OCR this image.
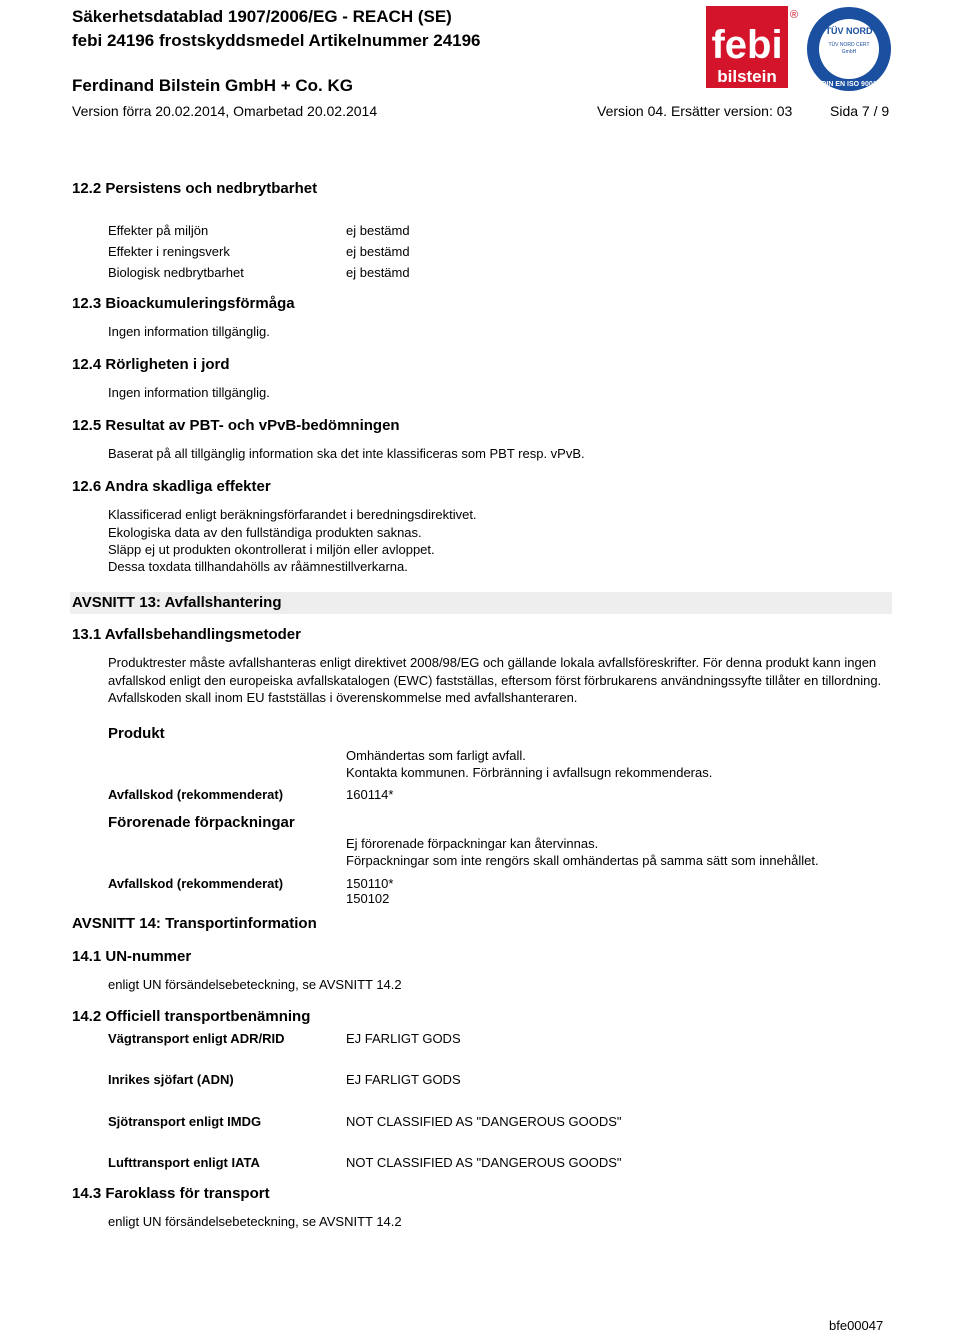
Säkerhetsdatablad 1907/2006/EG - REACH (SE)
febi 24196 frostskyddsmedel Artikelnummer 24196
Ferdinand Bilstein GmbH + Co. KG
Version förra 20.02.2014, Omarbetad 20.02.2014	Version 04. Ersätter version: 03	Sida 7 / 9
febi
bilstein
®
TÜV NORD
TÜV NORD CERT
GmbH
DIN EN ISO 9001
12.2 Persistens och nedbrytbarhet
Effekter på miljön	ej bestämd
Effekter i reningsverk	ej bestämd
Biologisk nedbrytbarhet	ej bestämd
12.3 Bioackumuleringsförmåga
Ingen information tillgänglig.
12.4 Rörligheten i jord
Ingen information tillgänglig.
12.5 Resultat av PBT- och vPvB-bedömningen
Baserat på all tillgänglig information ska det inte klassificeras som PBT resp. vPvB.
12.6 Andra skadliga effekter
Klassificerad enligt beräkningsförfarandet i beredningsdirektivet.
Ekologiska data av den fullständiga produkten saknas.
Släpp ej ut produkten okontrollerat i miljön eller avloppet.
Dessa toxdata tillhandahölls av råämnestillverkarna.
AVSNITT 13: Avfallshantering
13.1 Avfallsbehandlingsmetoder
Produktrester måste avfallshanteras enligt direktivet 2008/98/EG och gällande lokala avfallsföreskrifter. För denna produkt kann ingen
avfallskod enligt den europeiska avfallskatalogen (EWC) fastställas, eftersom först förbrukarens användningssyfte tillåter en tillordning.
Avfallskoden skall inom EU fastställas i överenskommelse med avfallshanteraren.
Produkt
Omhändertas som farligt avfall.
Kontakta kommunen. Förbränning i avfallsugn rekommenderas.
Avfallskod (rekommenderat)	160114*
Förorenade förpackningar
Ej förorenade förpackningar kan återvinnas.
Förpackningar som inte rengörs skall omhändertas på samma sätt som innehållet.
Avfallskod (rekommenderat)	150110*
150102
AVSNITT 14: Transportinformation
14.1 UN-nummer
enligt UN försändelsebeteckning, se AVSNITT 14.2
14.2 Officiell transportbenämning
Vägtransport enligt ADR/RID	EJ FARLIGT GODS
Inrikes sjöfart (ADN)	EJ FARLIGT GODS
Sjötransport enligt IMDG	NOT CLASSIFIED AS "DANGEROUS GOODS"
Lufttransport enligt IATA	NOT CLASSIFIED AS "DANGEROUS GOODS"
14.3 Faroklass för transport
enligt UN försändelsebeteckning, se AVSNITT 14.2
bfe00047
